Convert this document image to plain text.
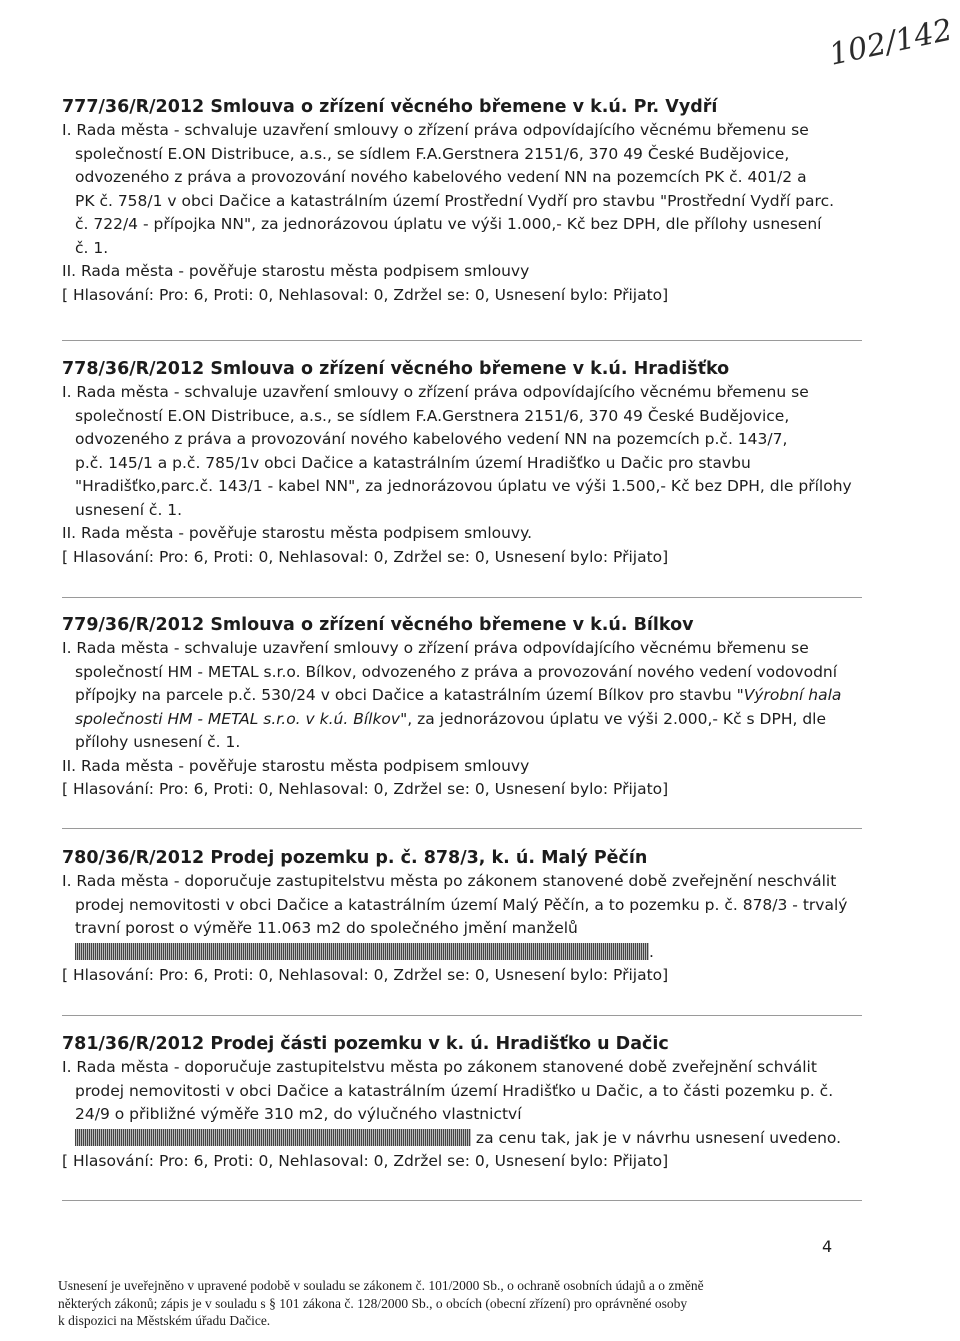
102/142
777/36/R/2012 Smlouva o zřízení věcného břemene v k.ú. Pr. Vydří
I. Rada města - schvaluje uzavření smlouvy o zřízení práva odpovídajícího věcnému břemenu se
společností E.ON Distribuce, a.s., se sídlem F.A.Gerstnera 2151/6, 370 49 České Budějovice,
odvozeného z práva a provozování nového kabelového vedení NN na pozemcích PK č. 401/2 a
PK č. 758/1 v obci Dačice a katastrálním území Prostřední Vydří pro stavbu "Prostřední Vydří parc.
č. 722/4 - přípojka NN", za jednorázovou úplatu ve výši 1.000,- Kč bez DPH, dle přílohy usnesení
č. 1.
II. Rada města - pověřuje starostu města podpisem smlouvy
[ Hlasování: Pro: 6, Proti: 0, Nehlasoval: 0, Zdržel se: 0, Usnesení bylo: Přijato]
778/36/R/2012 Smlouva o zřízení věcného břemene v k.ú. Hradišťko
I. Rada města - schvaluje uzavření smlouvy o zřízení práva odpovídajícího věcnému břemenu se
společností E.ON Distribuce, a.s., se sídlem F.A.Gerstnera 2151/6, 370 49 České Budějovice,
odvozeného z práva a provozování nového kabelového vedení NN na pozemcích p.č. 143/7,
p.č. 145/1 a p.č. 785/1v obci Dačice a katastrálním území Hradišťko u Dačic pro stavbu
"Hradišťko,parc.č. 143/1 - kabel NN", za jednorázovou úplatu ve výši 1.500,- Kč bez DPH, dle přílohy
usnesení č. 1.
II. Rada města - pověřuje starostu města podpisem smlouvy.
[ Hlasování: Pro: 6, Proti: 0, Nehlasoval: 0, Zdržel se: 0, Usnesení bylo: Přijato]
779/36/R/2012 Smlouva o zřízení věcného břemene v k.ú. Bílkov
I. Rada města - schvaluje uzavření smlouvy o zřízení práva odpovídajícího věcnému břemenu se
společností HM - METAL s.r.o. Bílkov, odvozeného z práva a provozování nového vedení vodovodní
přípojky na parcele p.č. 530/24 v obci Dačice a katastrálním území Bílkov pro stavbu "Výrobní hala
společnosti HM - METAL s.r.o. v k.ú. Bílkov", za jednorázovou úplatu ve výši 2.000,- Kč s DPH, dle
přílohy usnesení č. 1.
II. Rada města - pověřuje starostu města podpisem smlouvy
[ Hlasování: Pro: 6, Proti: 0, Nehlasoval: 0, Zdržel se: 0, Usnesení bylo: Přijato]
780/36/R/2012 Prodej pozemku p. č. 878/3, k. ú. Malý Pěčín
I. Rada města - doporučuje zastupitelstvu města po zákonem stanovené době zveřejnění neschválit
prodej nemovitosti v obci Dačice a katastrálním území Malý Pěčín, a to pozemku p. č. 878/3 - trvalý
travní porost o výměře 11.063 m2 do společného jmění manželů
.
[ Hlasování: Pro: 6, Proti: 0, Nehlasoval: 0, Zdržel se: 0, Usnesení bylo: Přijato]
781/36/R/2012 Prodej části pozemku v k. ú. Hradišťko u Dačic
I. Rada města - doporučuje zastupitelstvu města po zákonem stanovené době zveřejnění schválit
prodej nemovitosti v obci Dačice a katastrálním území Hradišťko u Dačic, a to části pozemku p. č.
24/9 o přibližné výměře 310 m2, do výlučného vlastnictví
za cenu tak, jak je v návrhu usnesení uvedeno.
[ Hlasování: Pro: 6, Proti: 0, Nehlasoval: 0, Zdržel se: 0, Usnesení bylo: Přijato]
4
Usnesení je uveřejněno v upravené podobě v souladu se zákonem č. 101/2000 Sb., o ochraně osobních údajů a o změně
některých zákonů; zápis je v souladu s § 101 zákona č. 128/2000 Sb., o obcích (obecní zřízení) pro oprávněné osoby
k dispozici na Městském úřadu Dačice.
